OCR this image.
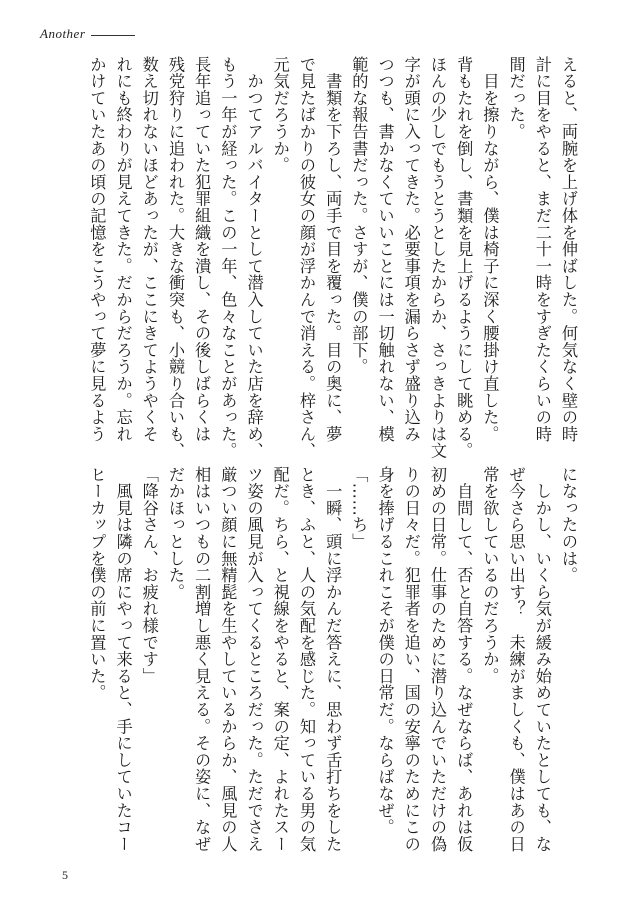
Another
えると、両腕を上げ体を伸ばした。何気なく壁の時
計に目をやると、まだ二十一時をすぎたくらいの時
間だった。
　目を擦りながら、僕は椅子に深く腰掛け直した。
背もたれを倒し、書類を見上げるようにして眺める。
ほんの少しでもうとうとしたからか、さっきよりは文
字が頭に入ってきた。必要事項を漏らさず盛り込み
つつも、書かなくていいことには一切触れない、模
範的な報告書だった。さすが、僕の部下。
　書類を下ろし、両手で目を覆った。目の奥に、夢
で見たばかりの彼女の顔が浮かんで消える。梓さん、
元気だろうか。
　かつてアルバイターとして潜入していた店を辞め、
もう一年が経った。この一年、色々なことがあった。
長年追っていた犯罪組織を潰し、その後しばらくは
残党狩りに追われた。大きな衝突も、小競り合いも、
数え切れないほどあったが、ここにきてようやくそ
れにも終わりが見えてきた。だからだろうか。忘れ
かけていたあの頃の記憶をこうやって夢に見るよう
になったのは。
　しかし、いくら気が緩み始めていたとしても、な
ぜ今さら思い出す？　未練がましくも、僕はあの日
常を欲しているのだろうか。
　自問して、否と自答する。なぜならば、あれは仮
初めの日常。仕事のために潜り込んでいただけの偽
りの日々だ。犯罪者を追い、国の安寧のためにこの
身を捧げるこれこそが僕の日常だ。ならばなぜ。
「……ち」
　一瞬、頭に浮かんだ答えに、思わず舌打ちをした
とき、ふと、人の気配を感じた。知っている男の気
配だ。ちら、と視線をやると、案の定、よれたスー
ツ姿の風見が入ってくるところだった。ただでさえ
厳つい顔に無精髭を生やしているからか、風見の人
相はいつもの二割増し悪く見える。その姿に、なぜ
だかほっとした。
「降谷さん、お疲れ様です」
　風見は隣の席にやって来ると、手にしていたコー
ヒーカップを僕の前に置いた。
5
